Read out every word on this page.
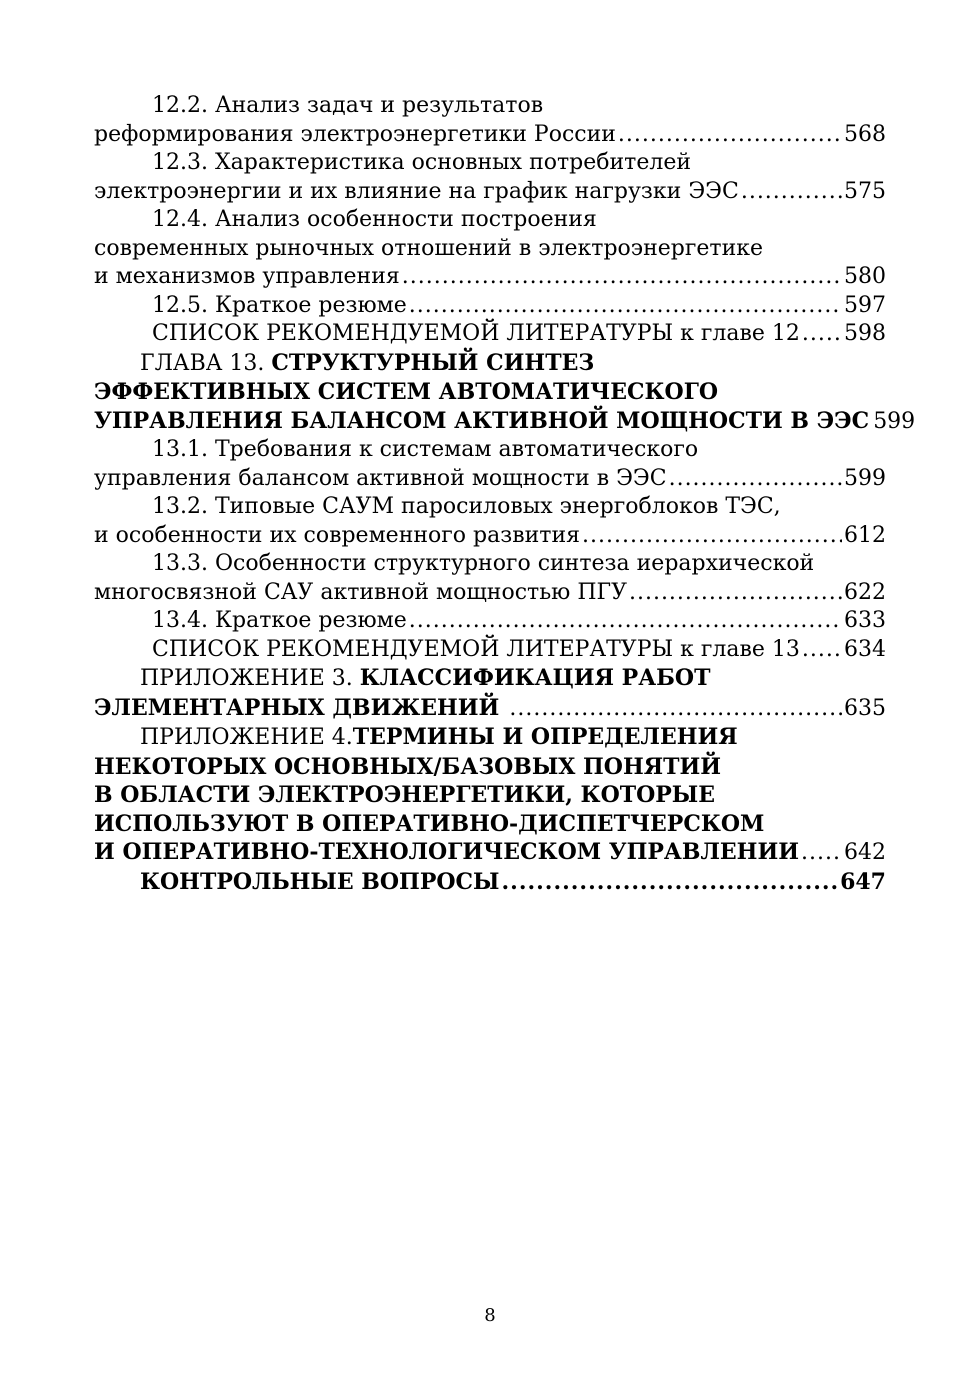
12.2. Анализ задач и результатов
реформирования электроэнергетики России .....	568
12.3. Характеристика основных потребителей
электроэнергии и их влияние на график нагрузки ЭЭС .....	575
12.4. Анализ особенности построения
современных рыночных отношений в электроэнергетике
и механизмов управления .....	580
12.5. Краткое резюме .....	597
СПИСОК РЕКОМЕНДУЕМОЙ ЛИТЕРАТУРЫ к главе 12 ..... 598
ГЛАВА 13. СТРУКТУРНЫЙ СИНТЕЗ
ЭФФЕКТИВНЫХ СИСТЕМ АВТОМАТИЧЕСКОГО
УПРАВЛЕНИЯ БАЛАНСОМ АКТИВНОЙ МОЩНОСТИ В ЭЭС 599
13.1. Требования к системам автоматического
управления балансом активной мощности в ЭЭС .....	599
13.2. Типовые САУМ паросиловых энергоблоков ТЭС,
и особенности их современного развития .....	612
13.3. Особенности структурного синтеза иерархической
многосвязной САУ активной мощностью ПГУ .....	622
13.4. Краткое резюме .....	633
СПИСОК РЕКОМЕНДУЕМОЙ ЛИТЕРАТУРЫ к главе 13 ..... 634
ПРИЛОЖЕНИЕ 3. КЛАССИФИКАЦИЯ РАБОТ
ЭЛЕМЕНТАРНЫХ ДВИЖЕНИЙ .....	635
ПРИЛОЖЕНИЕ 4. ТЕРМИНЫ И ОПРЕДЕЛЕНИЯ
НЕКОТОРЫХ ОСНОВНЫХ/БАЗОВЫХ ПОНЯТИЙ
В ОБЛАСТИ ЭЛЕКТРОЭНЕРГЕТИКИ, КОТОРЫЕ
ИСПОЛЬЗУЮТ В ОПЕРАТИВНО-ДИСПЕТЧЕРСКОМ
И ОПЕРАТИВНО-ТЕХНОЛОГИЧЕСКОМ УПРАВЛЕНИИ ..... 642
КОНТРОЛЬНЫЕ ВОПРОСЫ .....	647
8
